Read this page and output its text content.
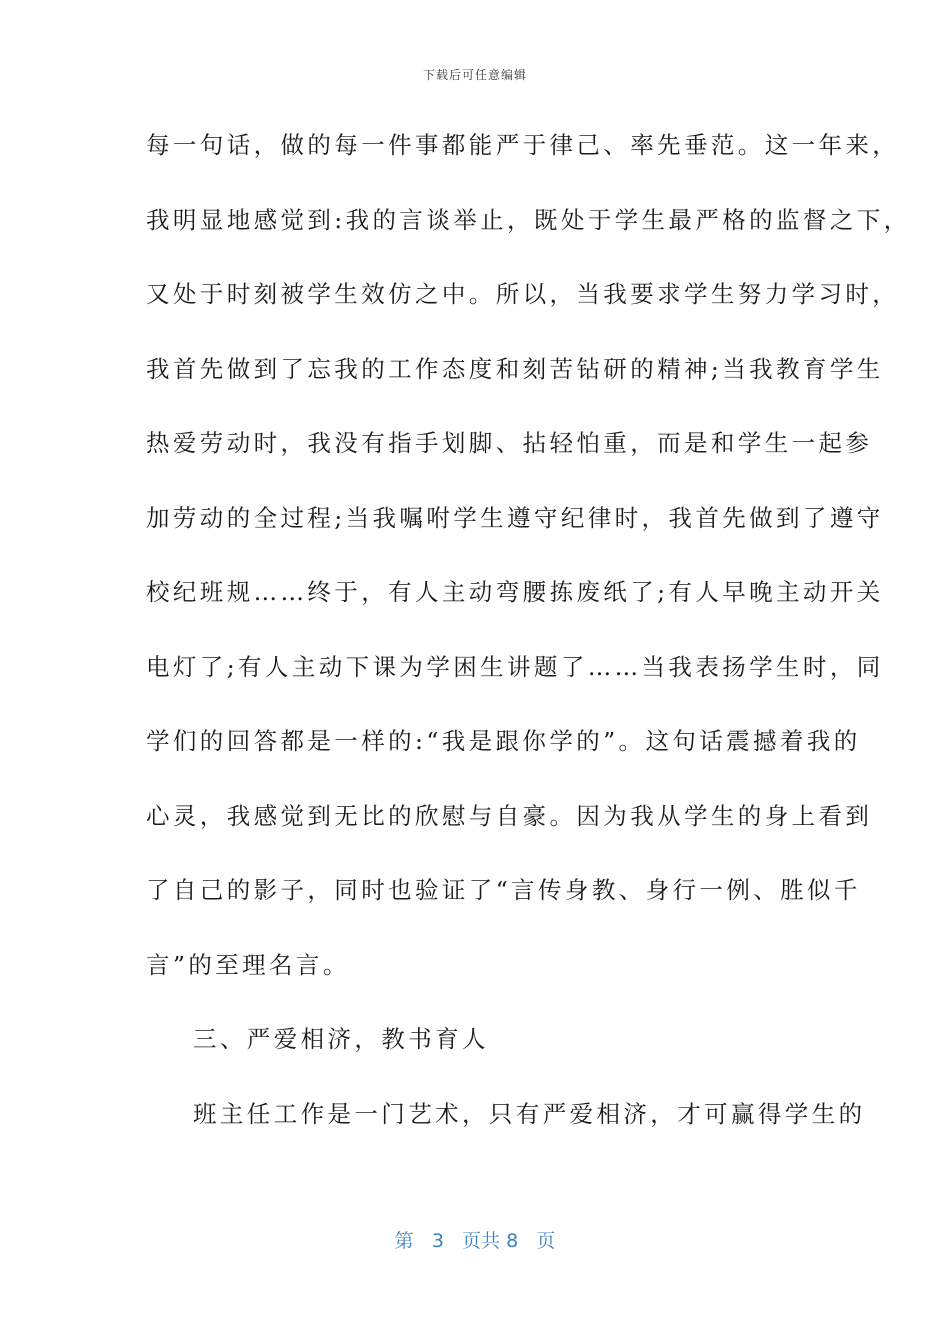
下载后可任意编辑
每一句话，做的每一件事都能严于律己、率先垂范。这一年来，
我明显地感觉到:我的言谈举止，既处于学生最严格的监督之下，
又处于时刻被学生效仿之中。所以，当我要求学生努力学习时，
我首先做到了忘我的工作态度和刻苦钻研的精神;当我教育学生
热爱劳动时，我没有指手划脚、拈轻怕重，而是和学生一起参
加劳动的全过程;当我嘱咐学生遵守纪律时，我首先做到了遵守
校纪班规……终于，有人主动弯腰拣废纸了;有人早晚主动开关
电灯了;有人主动下课为学困生讲题了……当我表扬学生时，同
学们的回答都是一样的:“我是跟你学的”。这句话震撼着我的
心灵，我感觉到无比的欣慰与自豪。因为我从学生的身上看到
了自己的影子，同时也验证了“言传身教、身行一例、胜似千
言”的至理名言。
三、严爱相济，教书育人
班主任工作是一门艺术，只有严爱相济，才可赢得学生的
第 3 页共 8 页
